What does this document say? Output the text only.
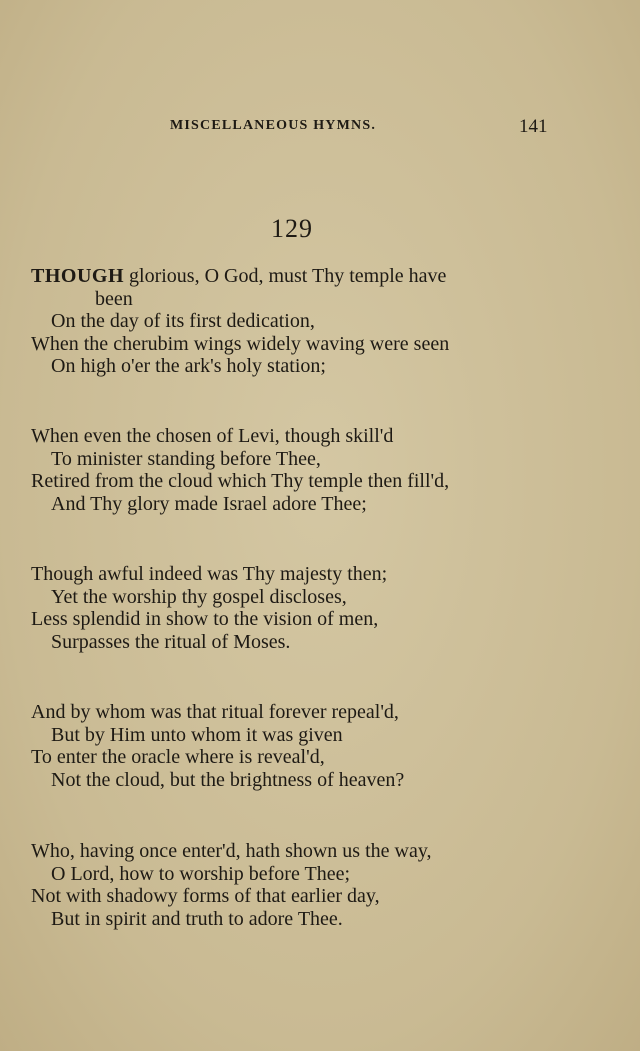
MISCELLANEOUS HYMNS.	141
129
THOUGH glorious, O God, must Thy temple have
been
On the day of its first dedication,
When the cherubim wings widely waving were seen
On high o'er the ark's holy station;
When even the chosen of Levi, though skill'd
To minister standing before Thee,
Retired from the cloud which Thy temple then fill'd,
And Thy glory made Israel adore Thee;
Though awful indeed was Thy majesty then;
Yet the worship thy gospel discloses,
Less splendid in show to the vision of men,
Surpasses the ritual of Moses.
And by whom was that ritual forever repeal'd,
But by Him unto whom it was given
To enter the oracle where is reveal'd,
Not the cloud, but the brightness of heaven?
Who, having once enter'd, hath shown us the way,
O Lord, how to worship before Thee;
Not with shadowy forms of that earlier day,
But in spirit and truth to adore Thee.
